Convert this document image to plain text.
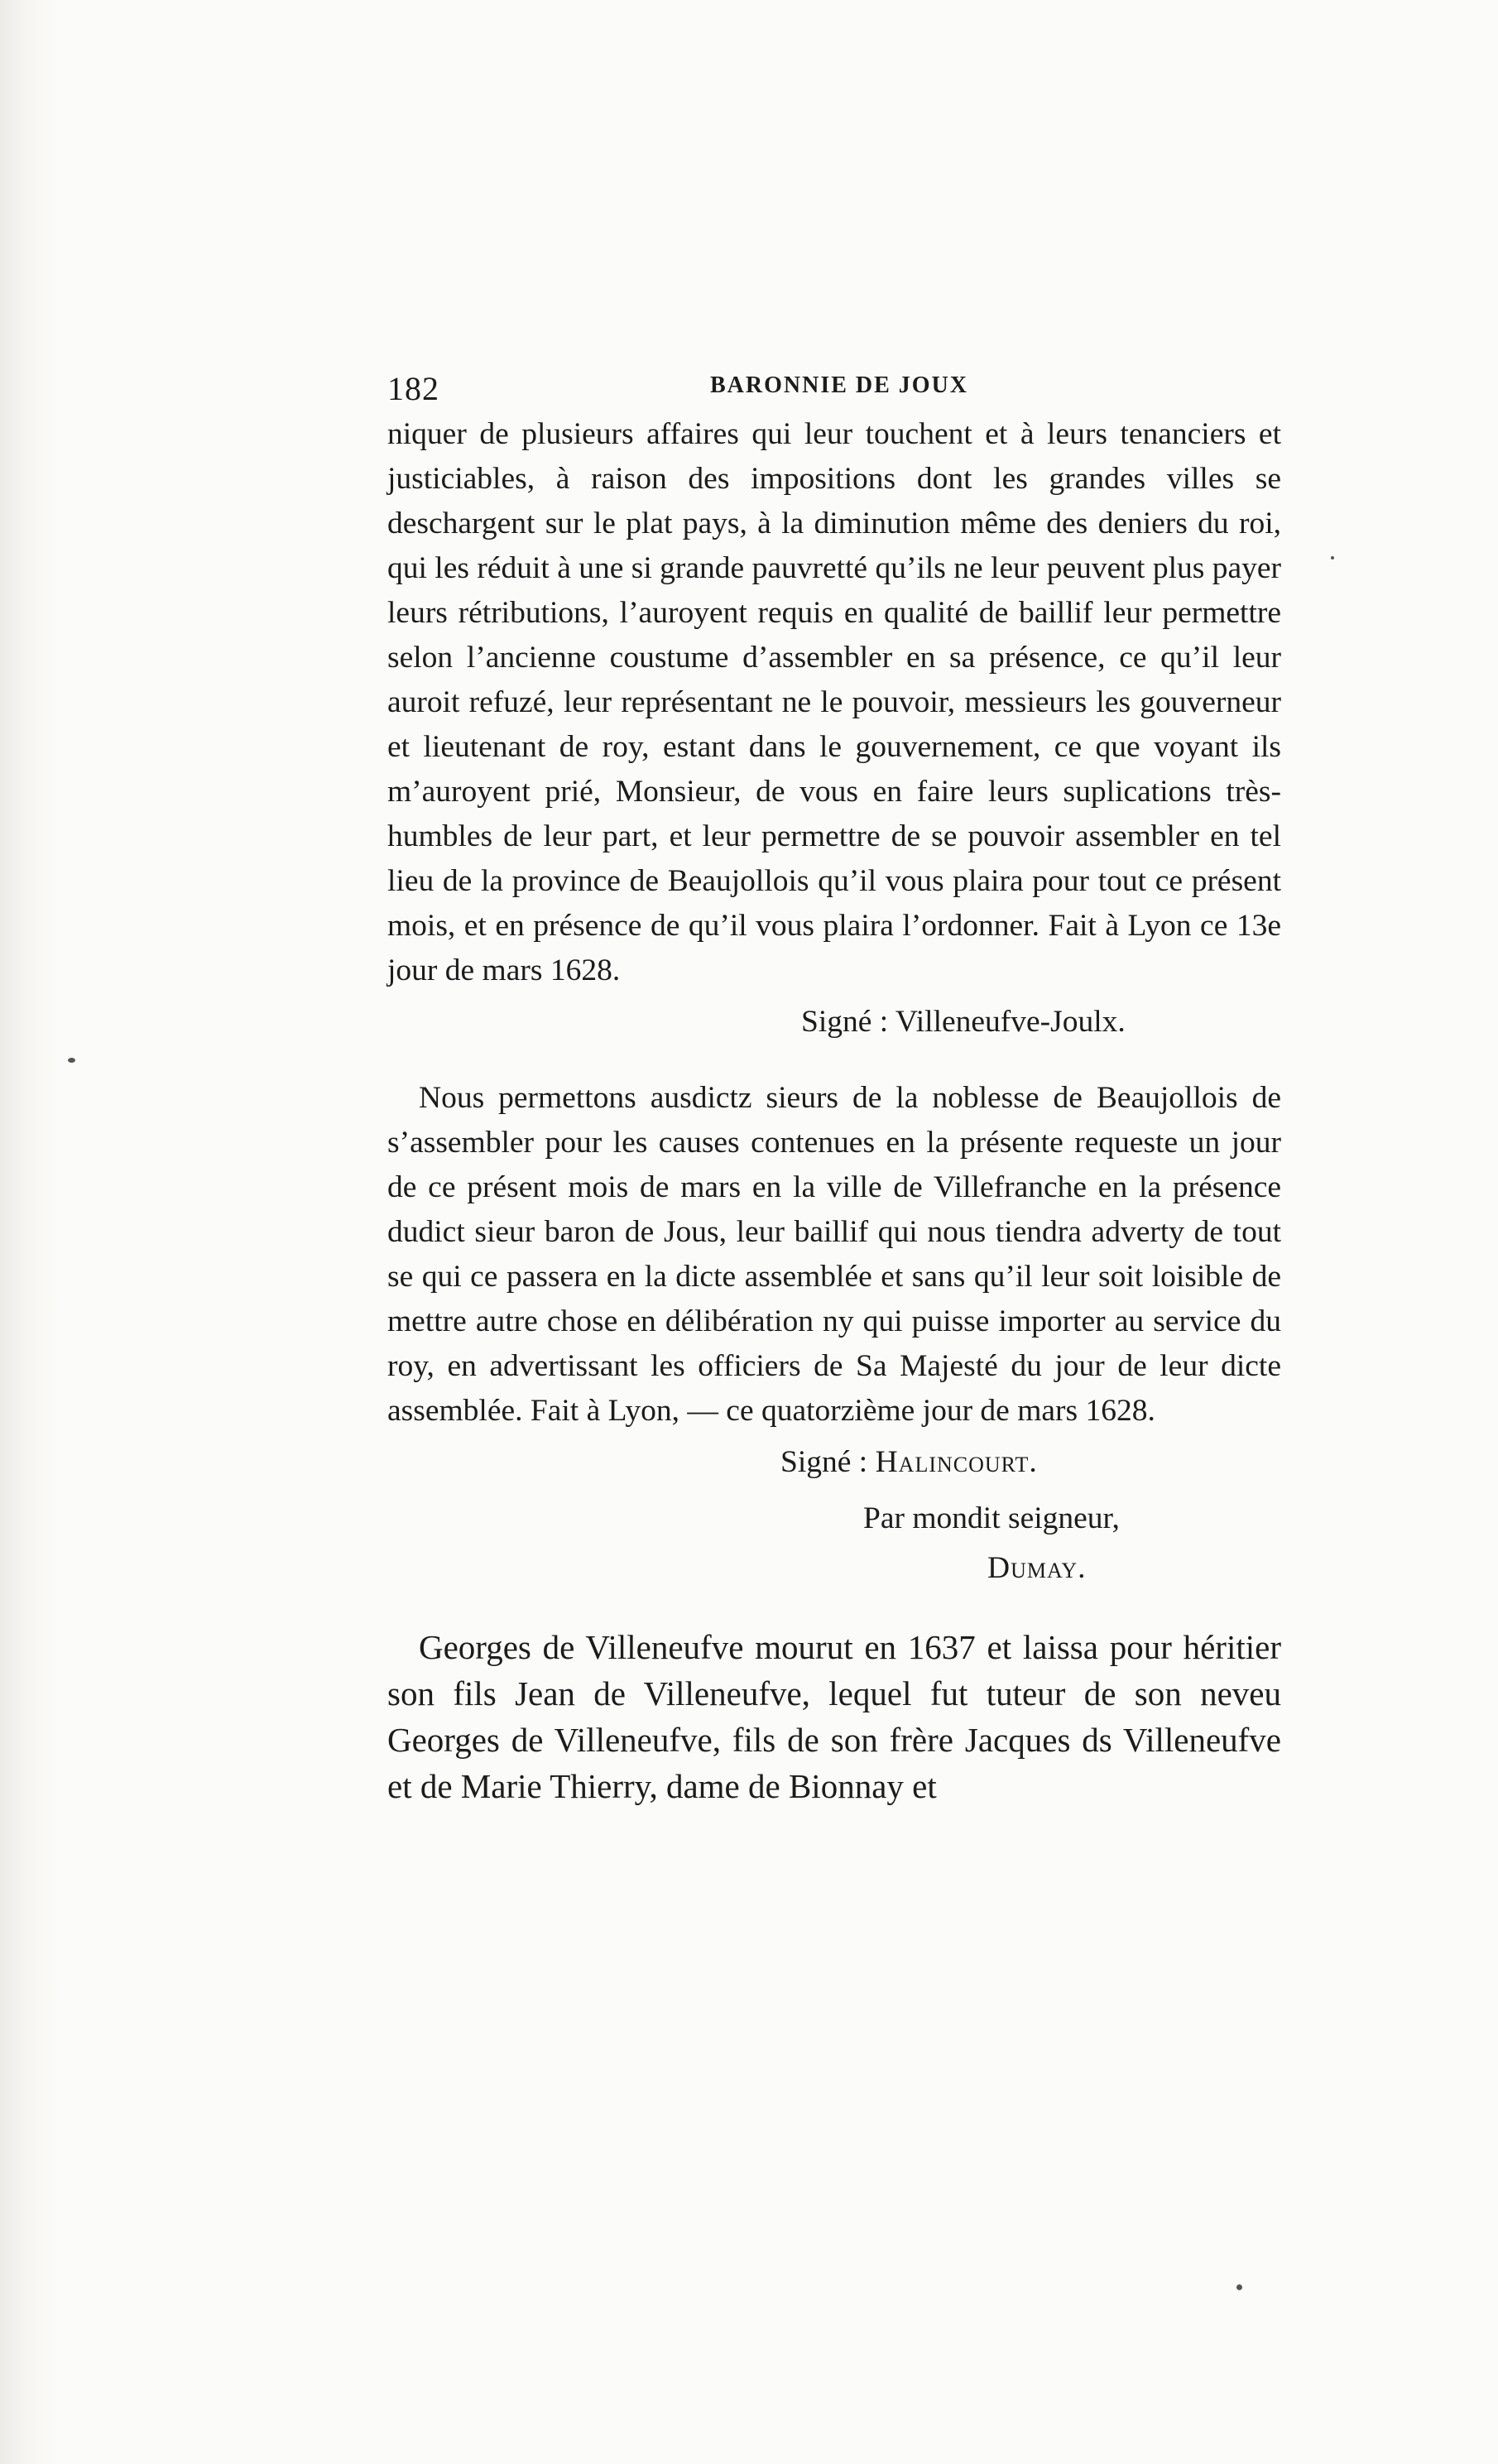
182	BARONNIE DE JOUX

niquer de plusieurs affaires qui leur touchent et à leurs tenanciers et justiciables, à raison des impositions dont les grandes villes se deschargent sur le plat pays, à la diminution même des deniers du roi, qui les réduit à une si grande pauvretté qu’ils ne leur peuvent plus payer leurs rétributions, l’auroyent requis en qualité de baillif leur permettre selon l’ancienne coustume d’assembler en sa présence, ce qu’il leur auroit refuzé, leur représentant ne le pouvoir, messieurs les gouverneur et lieutenant de roy, estant dans le gouvernement, ce que voyant ils m’auroyent prié, Monsieur, de vous en faire leurs suplications très-humbles de leur part, et leur permettre de se pouvoir assembler en tel lieu de la province de Beaujollois qu’il vous plaira pour tout ce présent mois, et en présence de qu’il vous plaira l’ordonner. Fait à Lyon ce 13e jour de mars 1628.

Signé : Villeneufve-Joulx.

Nous permettons ausdictz sieurs de la noblesse de Beaujollois de s’assembler pour les causes contenues en la présente requeste un jour de ce présent mois de mars en la ville de Villefranche en la présence dudict sieur baron de Jous, leur baillif qui nous tiendra adverty de tout se qui ce passera en la dicte assemblée et sans qu’il leur soit loisible de mettre autre chose en délibération ny qui puisse importer au service du roy, en advertissant les officiers de Sa Majesté du jour de leur dicte assemblée. Fait à Lyon, — ce quatorzième jour de mars 1628.

Signé : Halincourt.

Par mondit seigneur,

Dumay.

Georges de Villeneufve mourut en 1637 et laissa pour héritier son fils Jean de Villeneufve, lequel fut tuteur de son neveu Georges de Villeneufve, fils de son frère Jacques ds Villeneufve et de Marie Thierry, dame de Bionnay et
